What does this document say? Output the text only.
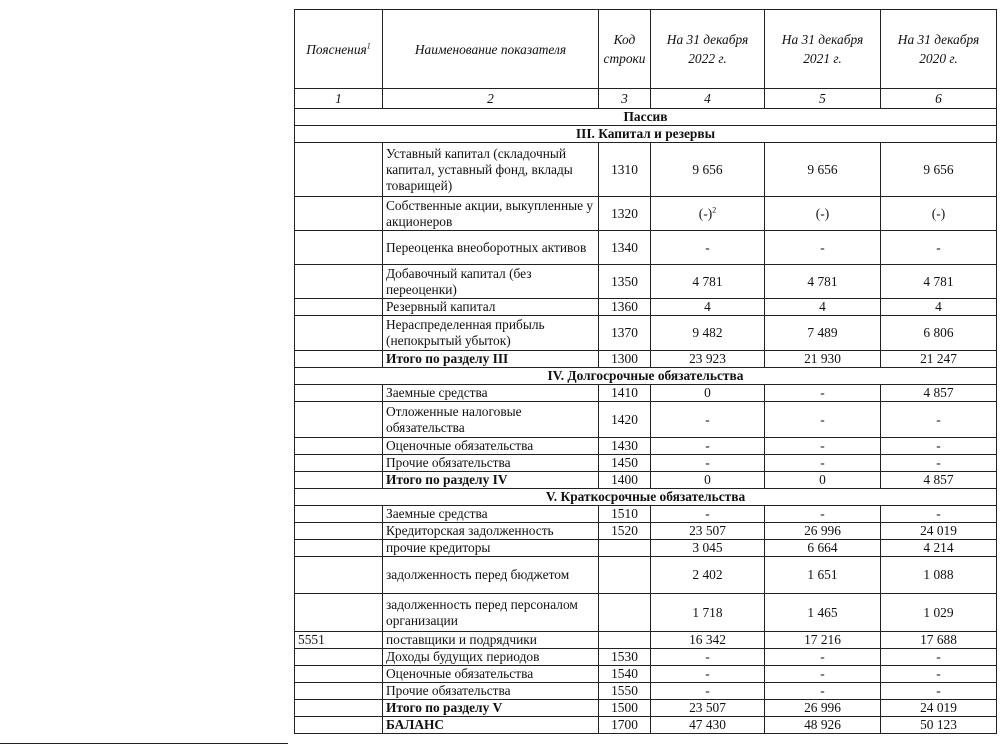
Пояснения$^1$	Наименование показателя	Код строки	На 31 декабря 2022 г.	На 31 декабря 2021 г.	На 31 декабря 2020 г.
1	2	3	4	5	6
Пассив					
III. Капитал и резервы					
	Уставный капитал (складочный капитал, уставный фонд, вклады товарищей)	1310	9 656	9 656	9 656
	Собственные акции, выкупленные у акционеров	1320	$(-)^2$	(-)	(-)
	Переоценка внеоборотных активов	1340	-	-	-
	Добавочный капитал (без переоценки)	1350	4 781	4 781	4 781
	Резервный капитал	1360	4	4	4
	Нераспределенная прибыль (непокрытый убыток)	1370	9 482	7 489	6 806
	Итого по разделу III	1300	23 923	21 930	21 247
IV. Долгосрочные обязательства					
	Заемные средства	1410	0	-	4 857
	Отложенные налоговые обязательства	1420	-	-	-
	Оценочные обязательства	1430	-	-	-
	Прочие обязательства	1450	-	-	-
	Итого по разделу IV	1400	0	0	4 857
V. Краткосрочные обязательства					
	Заемные средства	1510	-	-	-
	Кредиторская задолженность	1520	23 507	26 996	24 019
	прочие кредиторы		3 045	6 664	4 214
	задолженность перед бюджетом		2 402	1 651	1 088
	задолженность перед персоналом организации		1 718	1 465	1 029
5551	поставщики и подрядчики		16 342	17 216	17 688
	Доходы будущих периодов	1530	-	-	-
	Оценочные обязательства	1540	-	-	-
	Прочие обязательства	1550	-	-	-
	Итого по разделу V	1500	23 507	26 996	24 019
	БАЛАНС	1700	47 430	48 926	50 123
